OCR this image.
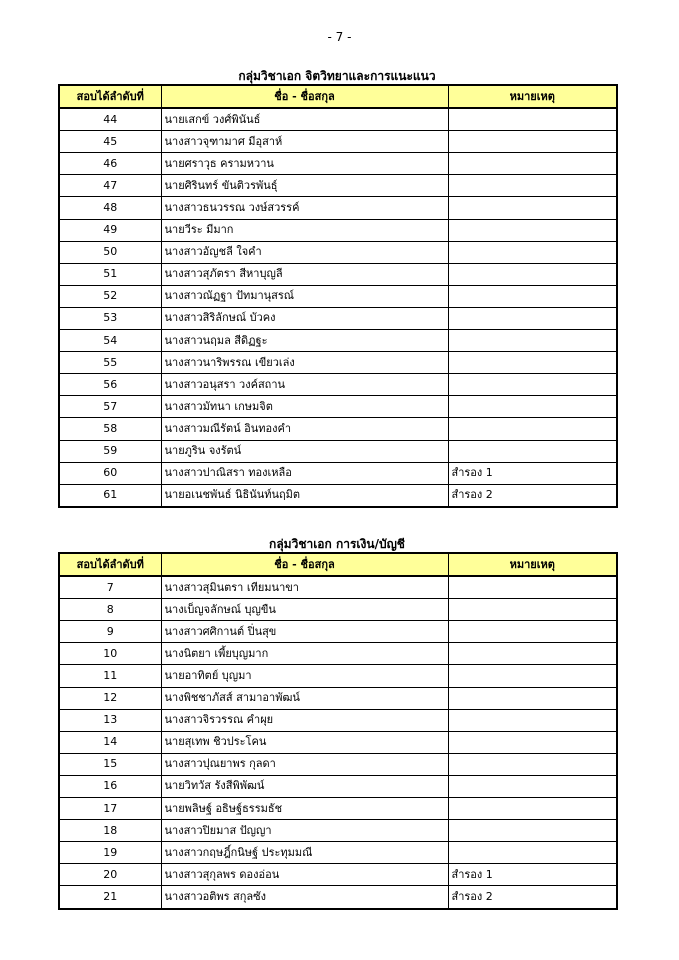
- 7 -
กลุ่มวิชาเอก จิตวิทยาและการแนะแนว
สอบได้ลำดับที่	ชื่อ - ชื่อสกุล	หมายเหตุ
44	นายเสกข์ วงศ์พินันธ์	
45	นางสาวจุฑามาศ มีอุสาห์	
46	นายศราวุธ ครามหวาน	
47	นายศิรินทร์ ขันติวรพันธุ์	
48	นางสาวธนวรรณ วงษ์สวรรค์	
49	นายวีระ มีมาก	
50	นางสาวอัญชลี ใจคำ	
51	นางสาวสุภัตรา สีหาบุญลี	
52	นางสาวณัฏฐา ปัทมานุสรณ์	
53	นางสาวสิริลักษณ์ บัวคง	
54	นางสาวนฤมล สีดิฏฐะ	
55	นางสาวนาริพรรณ เขียวเล่ง	
56	นางสาวอนุสรา วงค์สถาน	
57	นางสาวมัทนา เกษมจิต	
58	นางสาวมณีรัตน์ อินทองคำ	
59	นายภูริน จงรัตน์	
60	นางสาวปาณิสรา ทองเหลือ	สำรอง 1
61	นายอเนชพันธ์ นิธินันท์นฤมิต	สำรอง 2
กลุ่มวิชาเอก การเงิน/บัญชี
สอบได้ลำดับที่	ชื่อ - ชื่อสกุล	หมายเหตุ
7	นางสาวสุมินตรา เทียมนาขา	
8	นางเบ็ญจลักษณ์ บุญขืน	
9	นางสาวศศิกานต์ ปิ่นสุข	
10	นางนิตยา เพี้ยบุญมาก	
11	นายอาทิตย์ บุญมา	
12	นางพิชชาภัสส์ สามาอาพัฒน์	
13	นางสาวจิรวรรณ คำผุย	
14	นายสุเทพ ชิวประโคน	
15	นางสาวปุณยาพร กุลดา	
16	นายวิทวัส รังสีพิพัฒน์	
17	นายพลิษฐ์ อธิษฐ์ธรรมธัช	
18	นางสาวปิยมาส ปัญญา	
19	นางสาวกฤษฎิ์กนิษฐ์ ประทุมมณี	
20	นางสาวสุกุลพร ดองอ่อน	สำรอง 1
21	นางสาวอติพร สกุลซัง	สำรอง 2
